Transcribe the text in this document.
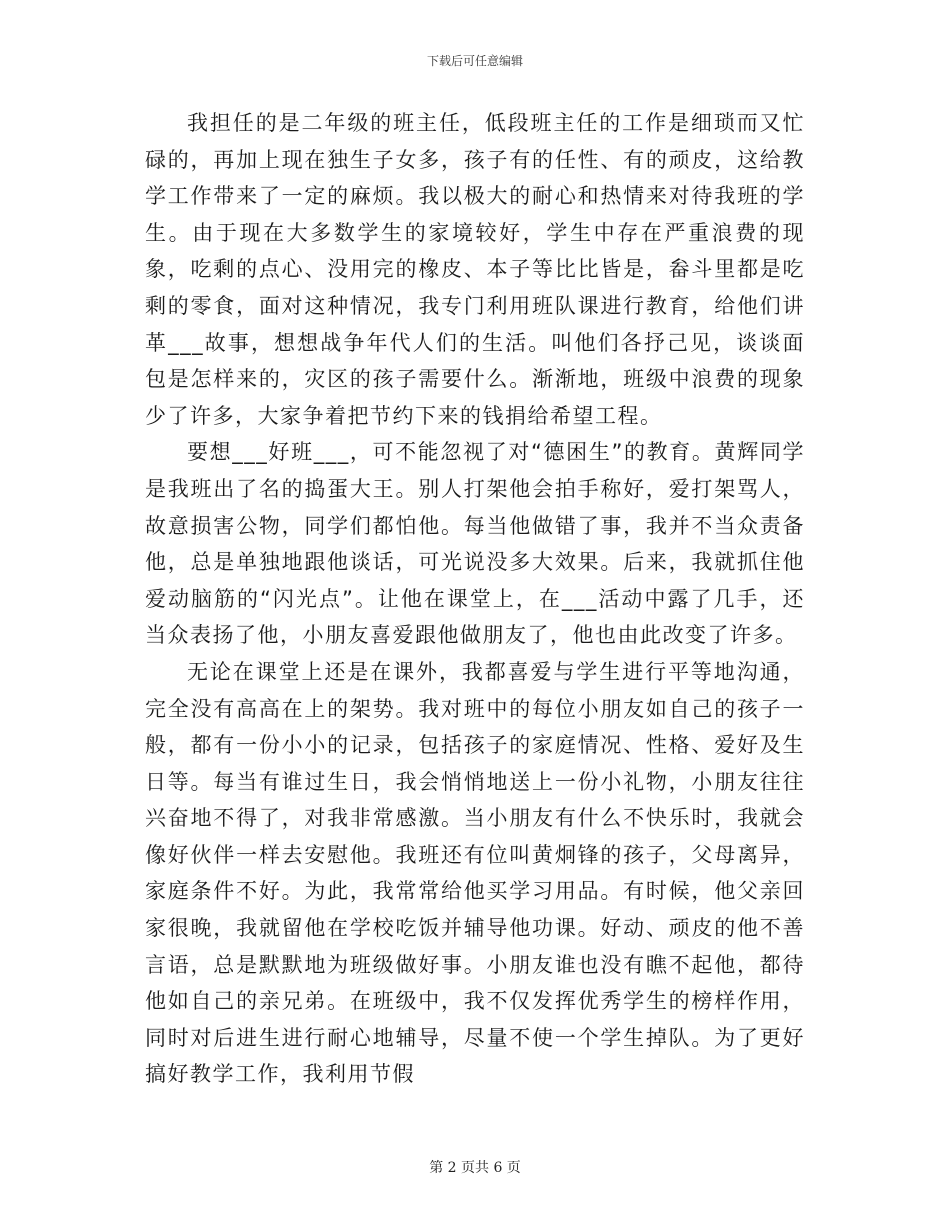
下载后可任意编辑

我担任的是二年级的班主任，低段班主任的工作是细琐而又忙碌的，再加上现在独生子女多，孩子有的任性、有的顽皮，这给教学工作带来了一定的麻烦。我以极大的耐心和热情来对待我班的学生。由于现在大多数学生的家境较好，学生中存在严重浪费的现象，吃剩的点心、没用完的橡皮、本子等比比皆是，畚斗里都是吃剩的零食，面对这种情况，我专门利用班队课进行教育，给他们讲革___故事，想想战争年代人们的生活。叫他们各抒己见，谈谈面包是怎样来的，灾区的孩子需要什么。渐渐地，班级中浪费的现象少了许多，大家争着把节约下来的钱捐给希望工程。

要想___好班___，可不能忽视了对“德困生”的教育。黄辉同学是我班出了名的捣蛋大王。别人打架他会拍手称好，爱打架骂人，故意损害公物，同学们都怕他。每当他做错了事，我并不当众责备他，总是单独地跟他谈话，可光说没多大效果。后来，我就抓住他爱动脑筋的“闪光点”。让他在课堂上，在___活动中露了几手，还当众表扬了他，小朋友喜爱跟他做朋友了，他也由此改变了许多。

无论在课堂上还是在课外，我都喜爱与学生进行平等地沟通，完全没有高高在上的架势。我对班中的每位小朋友如自己的孩子一般，都有一份小小的记录，包括孩子的家庭情况、性格、爱好及生日等。每当有谁过生日，我会悄悄地送上一份小礼物，小朋友往往兴奋地不得了，对我非常感激。当小朋友有什么不快乐时，我就会像好伙伴一样去安慰他。我班还有位叫黄炯锋的孩子，父母离异，家庭条件不好。为此，我常常给他买学习用品。有时候，他父亲回家很晚，我就留他在学校吃饭并辅导他功课。好动、顽皮的他不善言语，总是默默地为班级做好事。小朋友谁也没有瞧不起他，都待他如自己的亲兄弟。在班级中，我不仅发挥优秀学生的榜样作用，同时对后进生进行耐心地辅导，尽量不使一个学生掉队。为了更好搞好教学工作，我利用节假

第 2 页共 6 页
